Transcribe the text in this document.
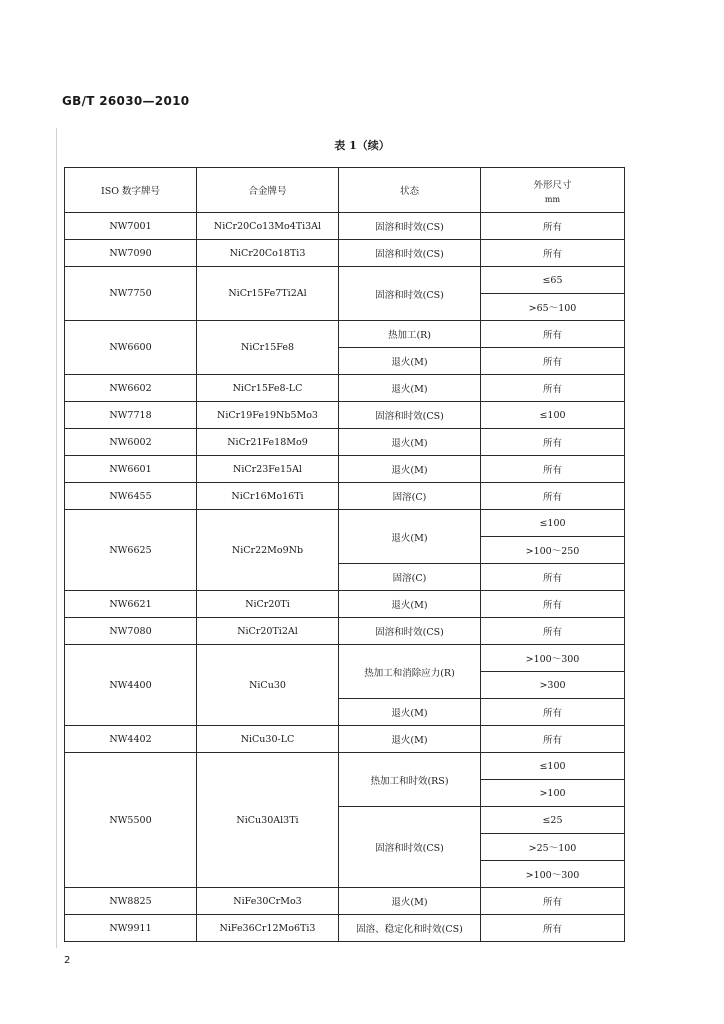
GB/T 26030—2010
表 1（续）
ISO 数字牌号	合金牌号	状态	外形尺寸
mm

NW7001	NiCr20Co13Mo4Ti3Al	固溶和时效(CS)	所有
NW7090	NiCr20Co18Ti3	固溶和时效(CS)	所有
NW7750	NiCr15Fe7Ti2Al	固溶和时效(CS)	≤65
			>65～100
NW6600	NiCr15Fe8	热加工(R)	所有
		退火(M)	所有
NW6602	NiCr15Fe8-LC	退火(M)	所有
NW7718	NiCr19Fe19Nb5Mo3	固溶和时效(CS)	≤100
NW6002	NiCr21Fe18Mo9	退火(M)	所有
NW6601	NiCr23Fe15Al	退火(M)	所有
NW6455	NiCr16Mo16Ti	固溶(C)	所有
NW6625	NiCr22Mo9Nb	退火(M)	≤100
			>100～250
		固溶(C)	所有
NW6621	NiCr20Ti	退火(M)	所有
NW7080	NiCr20Ti2Al	固溶和时效(CS)	所有
NW4400	NiCu30	热加工和消除应力(R)	>100～300
			>300
		退火(M)	所有
NW4402	NiCu30-LC	退火(M)	所有
NW5500	NiCu30Al3Ti	热加工和时效(RS)	≤100
			>100
		固溶和时效(CS)	≤25
			>25～100
			>100～300
NW8825	NiFe30CrMo3	退火(M)	所有
NW9911	NiFe36Cr12Mo6Ti3	固溶、稳定化和时效(CS)	所有
2
